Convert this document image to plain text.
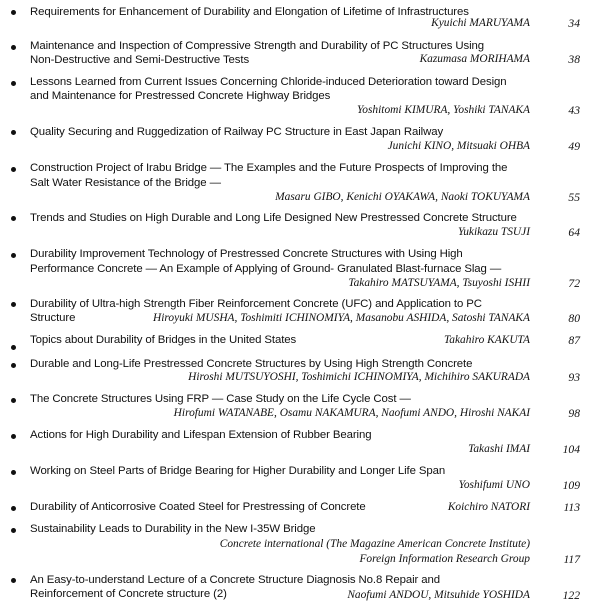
Requirements for Enhancement of Durability and Elongation of Lifetime of Infrastructures
Kyuichi MARUYAMA	34
Maintenance and Inspection of Compressive Strength and Durability of PC Structures Using
Non-Destructive and Semi-Destructive Tests	Kazumasa MORIHAMA	38
Lessons Learned from Current Issues Concerning Chloride-induced Deterioration toward Design
and Maintenance for Prestressed Concrete Highway Bridges
Yoshitomi KIMURA, Yoshiki TANAKA	43
Quality Securing and Ruggedization of Railway PC Structure in East Japan Railway
Junichi KINO, Mitsuaki OHBA	49
Construction Project of Irabu Bridge — The Examples and the Future Prospects of Improving the
Salt Water Resistance of the Bridge —
Masaru GIBO, Kenichi OYAKAWA, Naoki TOKUYAMA	55
Trends and Studies on High Durable and Long Life Designed New Prestressed Concrete Structure
Yukikazu TSUJI	64
Durability Improvement Technology of Prestressed Concrete Structures with Using High
Performance Concrete — An Example of Applying of Ground- Granulated Blast-furnace Slag —
Takahiro MATSUYAMA, Tsuyoshi ISHII	72
Durability of Ultra-high Strength Fiber Reinforcement Concrete (UFC) and Application to PC
Structure	Hiroyuki MUSHA, Toshimiti ICHINOMIYA, Masanobu ASHIDA, Satoshi TANAKA	80
Topics about Durability of Bridges in the United States	Takahiro KAKUTA	87
Durable and Long-Life Prestressed Concrete Structures by Using High Strength Concrete
Hiroshi MUTSUYOSHI, Toshimichi ICHINOMIYA, Michihiro SAKURADA	93
The Concrete Structures Using FRP — Case Study on the Life Cycle Cost —
Hirofumi WATANABE, Osamu NAKAMURA, Naofumi ANDO, Hiroshi NAKAI	98
Actions for High Durability and Lifespan Extension of Rubber Bearing
Takashi IMAI	104
Working on Steel Parts of Bridge Bearing for Higher Durability and Longer Life Span
Yoshifumi UNO	109
Durability of Anticorrosive Coated Steel for Prestressing of Concrete	Koichiro NATORI	113
Sustainability Leads to Durability in the New I-35W Bridge
Concrete international (The Magazine American Concrete Institute)
Foreign Information Research Group	117
An Easy-to-understand Lecture of a Concrete Structure Diagnosis No.8 Repair and
Reinforcement of Concrete structure (2)	Naofumi ANDOU, Mitsuhide YOSHIDA	122
